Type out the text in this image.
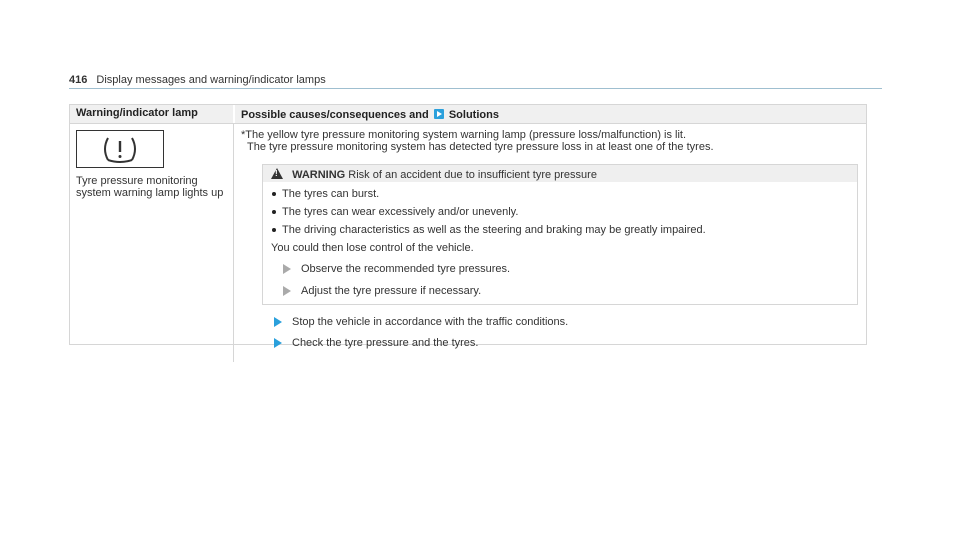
416 Display messages and warning/indicator lamps
Warning/indicator lamp	Possible causes/consequences and Solutions
Tyre pressure monitoring system warning lamp lights up

*The yellow tyre pressure monitoring system warning lamp (pressure loss/malfunction) is lit.

The tyre pressure monitoring system has detected tyre pressure loss in at least one of the tyres.

! WARNING Risk of an accident due to insufficient tyre pressure
The tyres can burst.
The tyres can wear excessively and/or unevenly.
The driving characteristics as well as the steering and braking may be greatly impaired.
You could then lose control of the vehicle.
Observe the recommended tyre pressures.
Adjust the tyre pressure if necessary.
Stop the vehicle in accordance with the traffic conditions.
Check the tyre pressure and the tyres.
